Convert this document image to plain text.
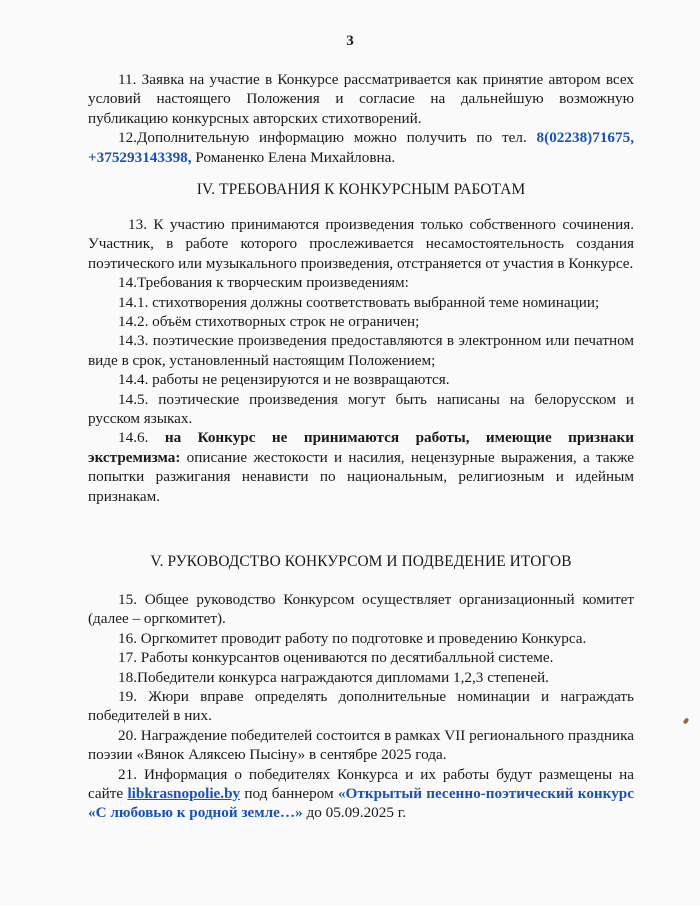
3

11. Заявка на участие в Конкурсе рассматривается как принятие автором всех условий настоящего Положения и согласие на дальнейшую возможную публикацию конкурсных авторских стихотворений.

12.Дополнительную информацию можно получить по тел. 8(02238)71675, +375293143398, Романенко Елена Михайловна.

IV. ТРЕБОВАНИЯ К КОНКУРСНЫМ РАБОТАМ

13. К участию принимаются произведения только собственного сочинения. Участник, в работе которого прослеживается несамостоятельность создания поэтического или музыкального произведения, отстраняется от участия в Конкурсе.

14.Требования к творческим произведениям:

14.1. стихотворения должны соответствовать выбранной теме номинации;

14.2. объём стихотворных строк не ограничен;

14.3. поэтические произведения предоставляются в электронном или печатном виде в срок, установленный настоящим Положением;

14.4. работы не рецензируются и не возвращаются.

14.5. поэтические произведения могут быть написаны на белорусском и русском языках.

14.6. на Конкурс не принимаются работы, имеющие признаки экстремизма: описание жестокости и насилия, нецензурные выражения, а также попытки разжигания ненависти по национальным, религиозным и идейным признакам.

V. РУКОВОДСТВО КОНКУРСОМ И ПОДВЕДЕНИЕ ИТОГОВ

15. Общее руководство Конкурсом осуществляет организационный комитет (далее – оргкомитет).

16. Оргкомитет проводит работу по подготовке и проведению Конкурса.

17. Работы конкурсантов оцениваются по десятибалльной системе.

18.Победители конкурса награждаются дипломами 1,2,3 степеней.

19. Жюри вправе определять дополнительные номинации и награждать победителей в них.

20. Награждение победителей состоится в рамках VII регионального праздника поэзии «Вянок Аляксею Пысіну» в сентябре 2025 года.

21. Информация о победителях Конкурса и их работы будут размещены на сайте libkrasnopolie.by под баннером «Открытый песенно-поэтический конкурс «С любовью к родной земле…» до 05.09.2025 г.
